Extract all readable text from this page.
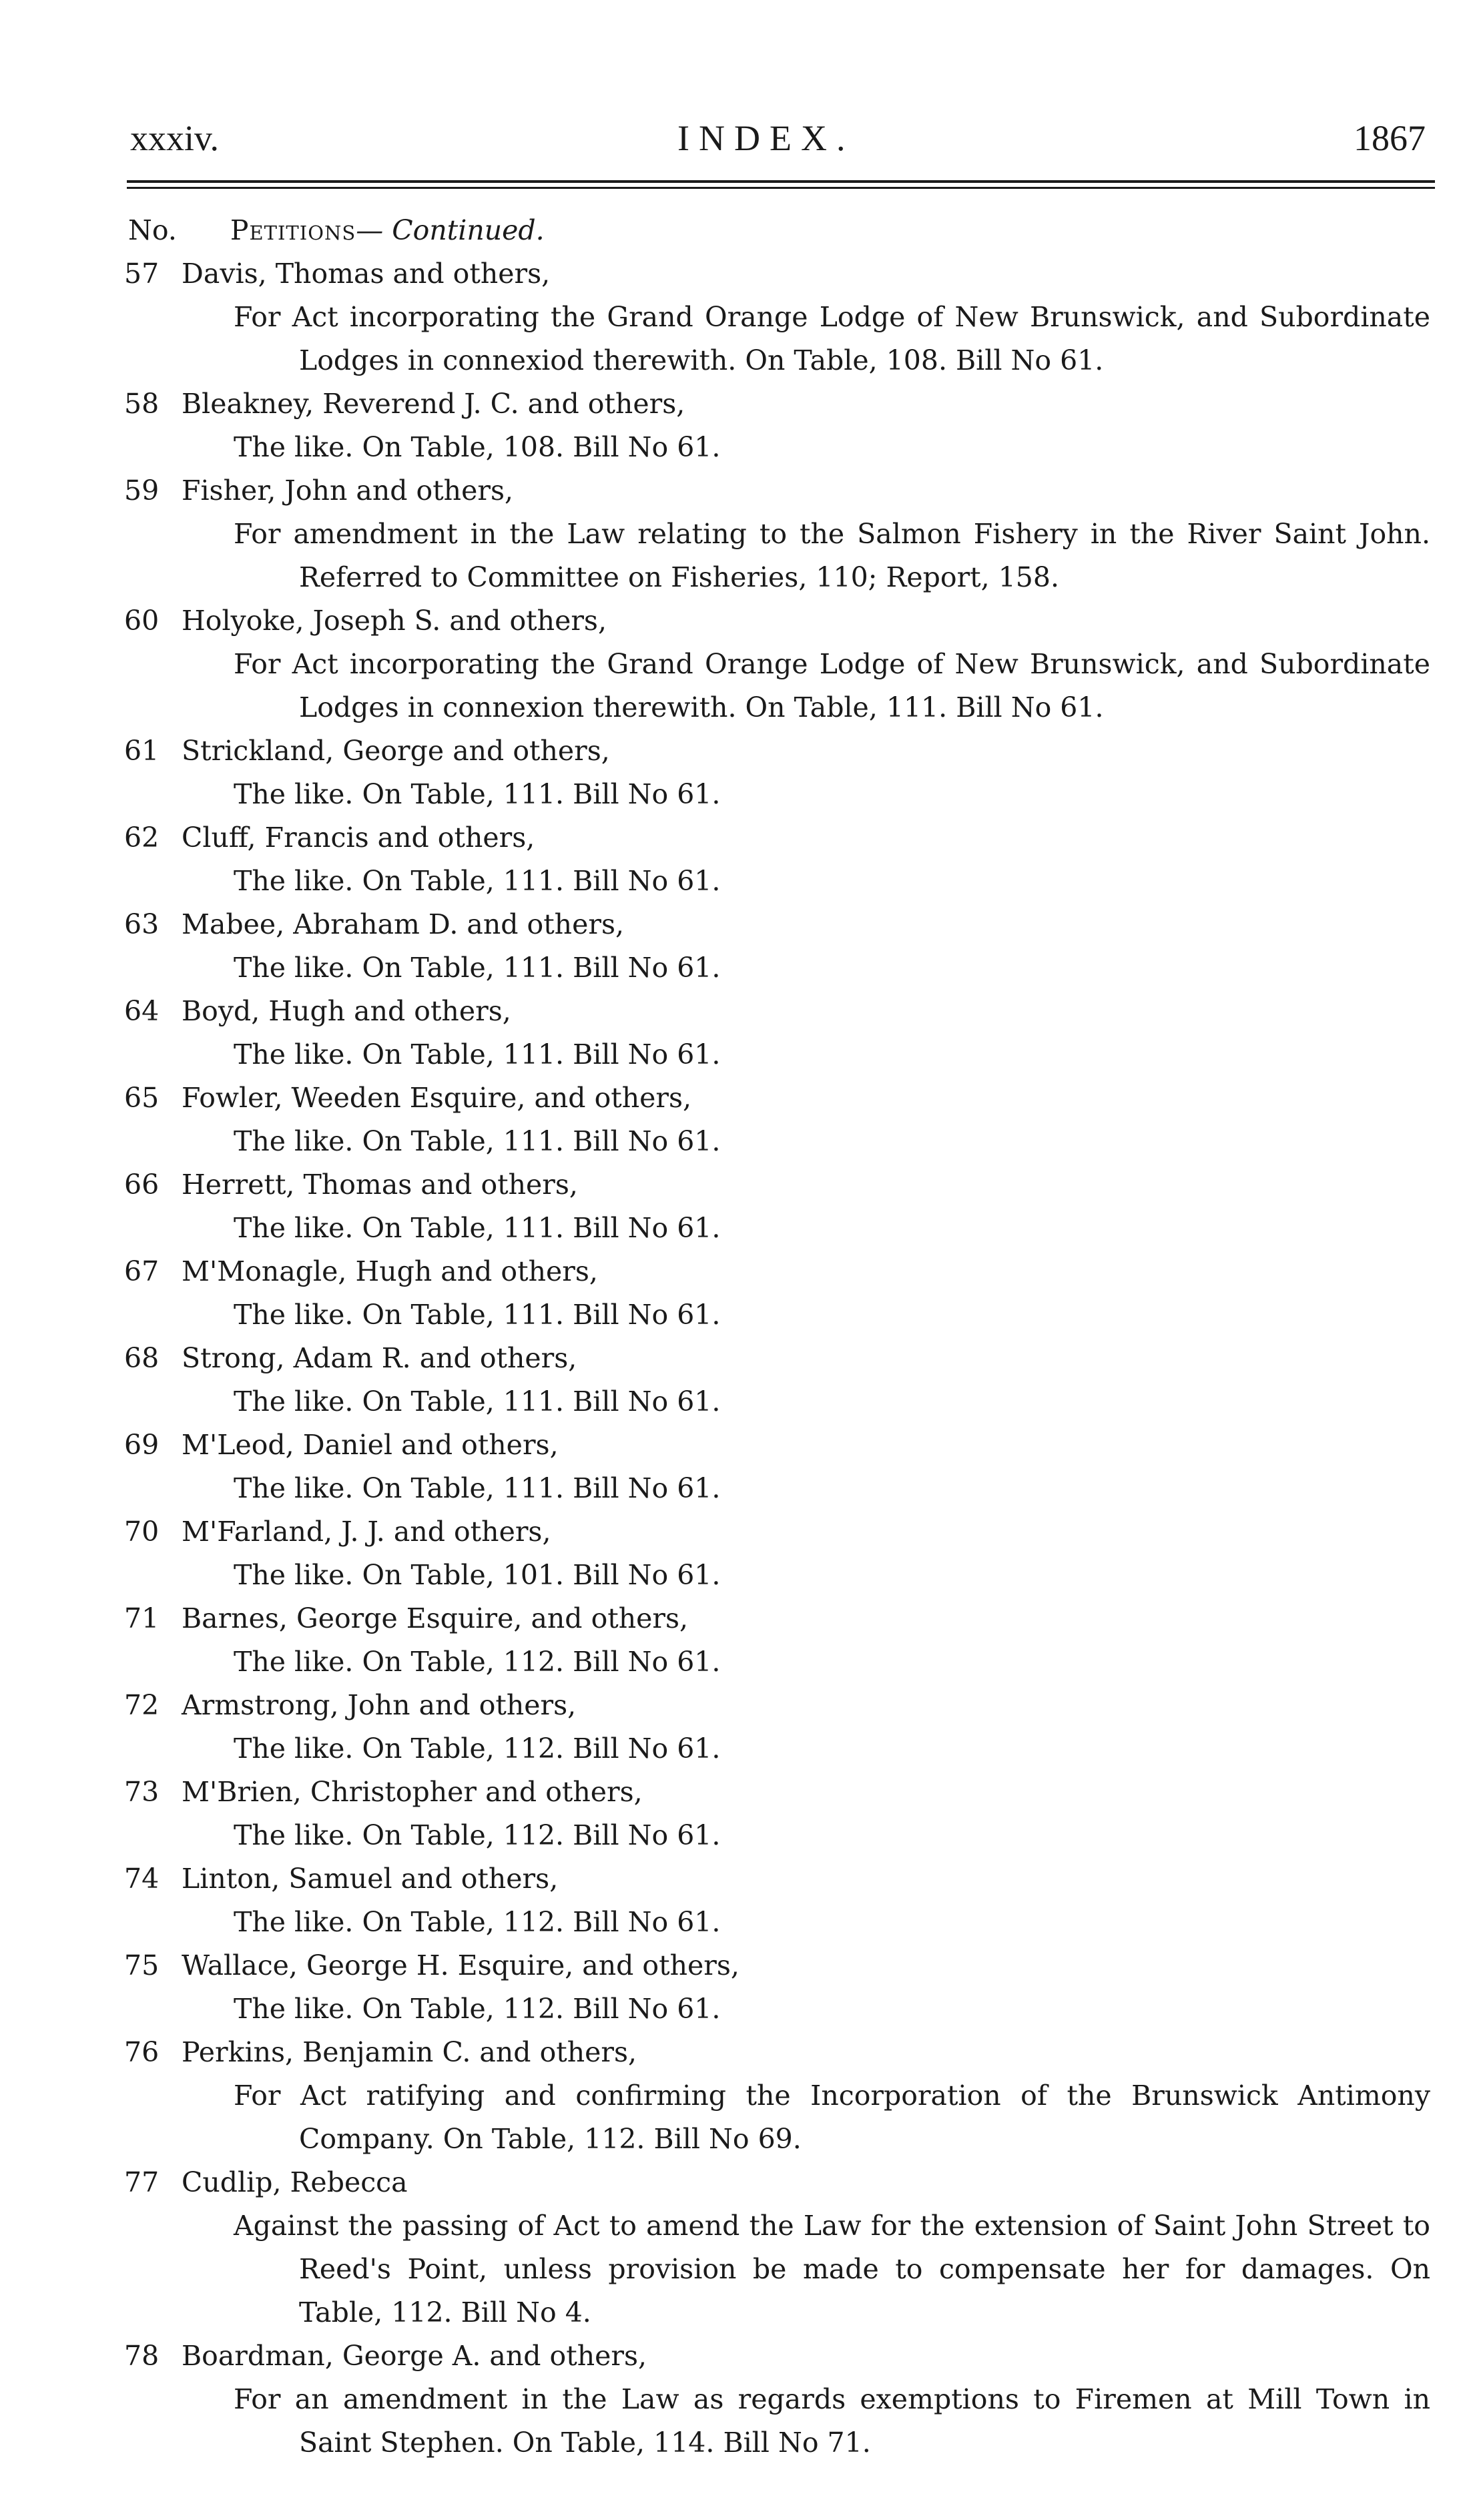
xxxiv.	INDEX.	1867
No. Petitions— Continued.
57 Davis, Thomas and others,
For Act incorporating the Grand Orange Lodge of New Brunswick, and Subordinate Lodges in connexiod therewith. On Table, 108. Bill No 61.
58 Bleakney, Reverend J. C. and others,
The like. On Table, 108. Bill No 61.
59 Fisher, John and others,
For amendment in the Law relating to the Salmon Fishery in the River Saint John. Referred to Committee on Fisheries, 110; Report, 158.
60 Holyoke, Joseph S. and others,
For Act incorporating the Grand Orange Lodge of New Brunswick, and Subordinate Lodges in connexion therewith. On Table, 111. Bill No 61.
61 Strickland, George and others,
The like. On Table, 111. Bill No 61.
62 Cluff, Francis and others,
The like. On Table, 111. Bill No 61.
63 Mabee, Abraham D. and others,
The like. On Table, 111. Bill No 61.
64 Boyd, Hugh and others,
The like. On Table, 111. Bill No 61.
65 Fowler, Weeden Esquire, and others,
The like. On Table, 111. Bill No 61.
66 Herrett, Thomas and others,
The like. On Table, 111. Bill No 61.
67 M'Monagle, Hugh and others,
The like. On Table, 111. Bill No 61.
68 Strong, Adam R. and others,
The like. On Table, 111. Bill No 61.
69 M'Leod, Daniel and others,
The like. On Table, 111. Bill No 61.
70 M'Farland, J. J. and others,
The like. On Table, 101. Bill No 61.
71 Barnes, George Esquire, and others,
The like. On Table, 112. Bill No 61.
72 Armstrong, John and others,
The like. On Table, 112. Bill No 61.
73 M'Brien, Christopher and others,
The like. On Table, 112. Bill No 61.
74 Linton, Samuel and others,
The like. On Table, 112. Bill No 61.
75 Wallace, George H. Esquire, and others,
The like. On Table, 112. Bill No 61.
76 Perkins, Benjamin C. and others,
For Act ratifying and confirming the Incorporation of the Brunswick Antimony Company. On Table, 112. Bill No 69.
77 Cudlip, Rebecca
Against the passing of Act to amend the Law for the extension of Saint John Street to Reed's Point, unless provision be made to compensate her for damages. On Table, 112. Bill No 4.
78 Boardman, George A. and others,
For an amendment in the Law as regards exemptions to Firemen at Mill Town in Saint Stephen. On Table, 114. Bill No 71.
